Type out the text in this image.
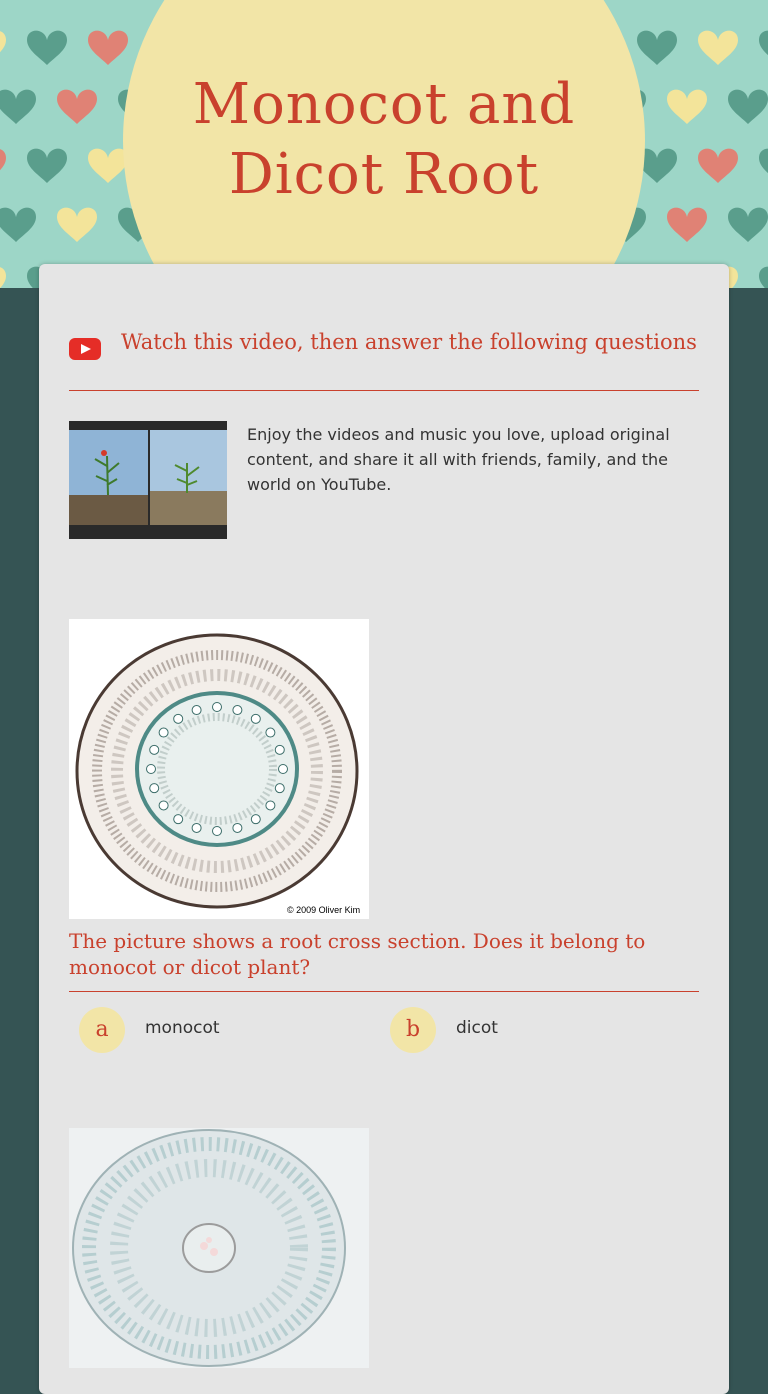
Monocot and Dicot Root
Watch this video, then answer the following questions
Enjoy the videos and music you love, upload original content, and share it all with friends, family, and the world on YouTube.
© 2009 Oliver Kim
The picture shows a root cross section. Does it belong to monocot or dicot plant?
a	monocot	b	dicot
